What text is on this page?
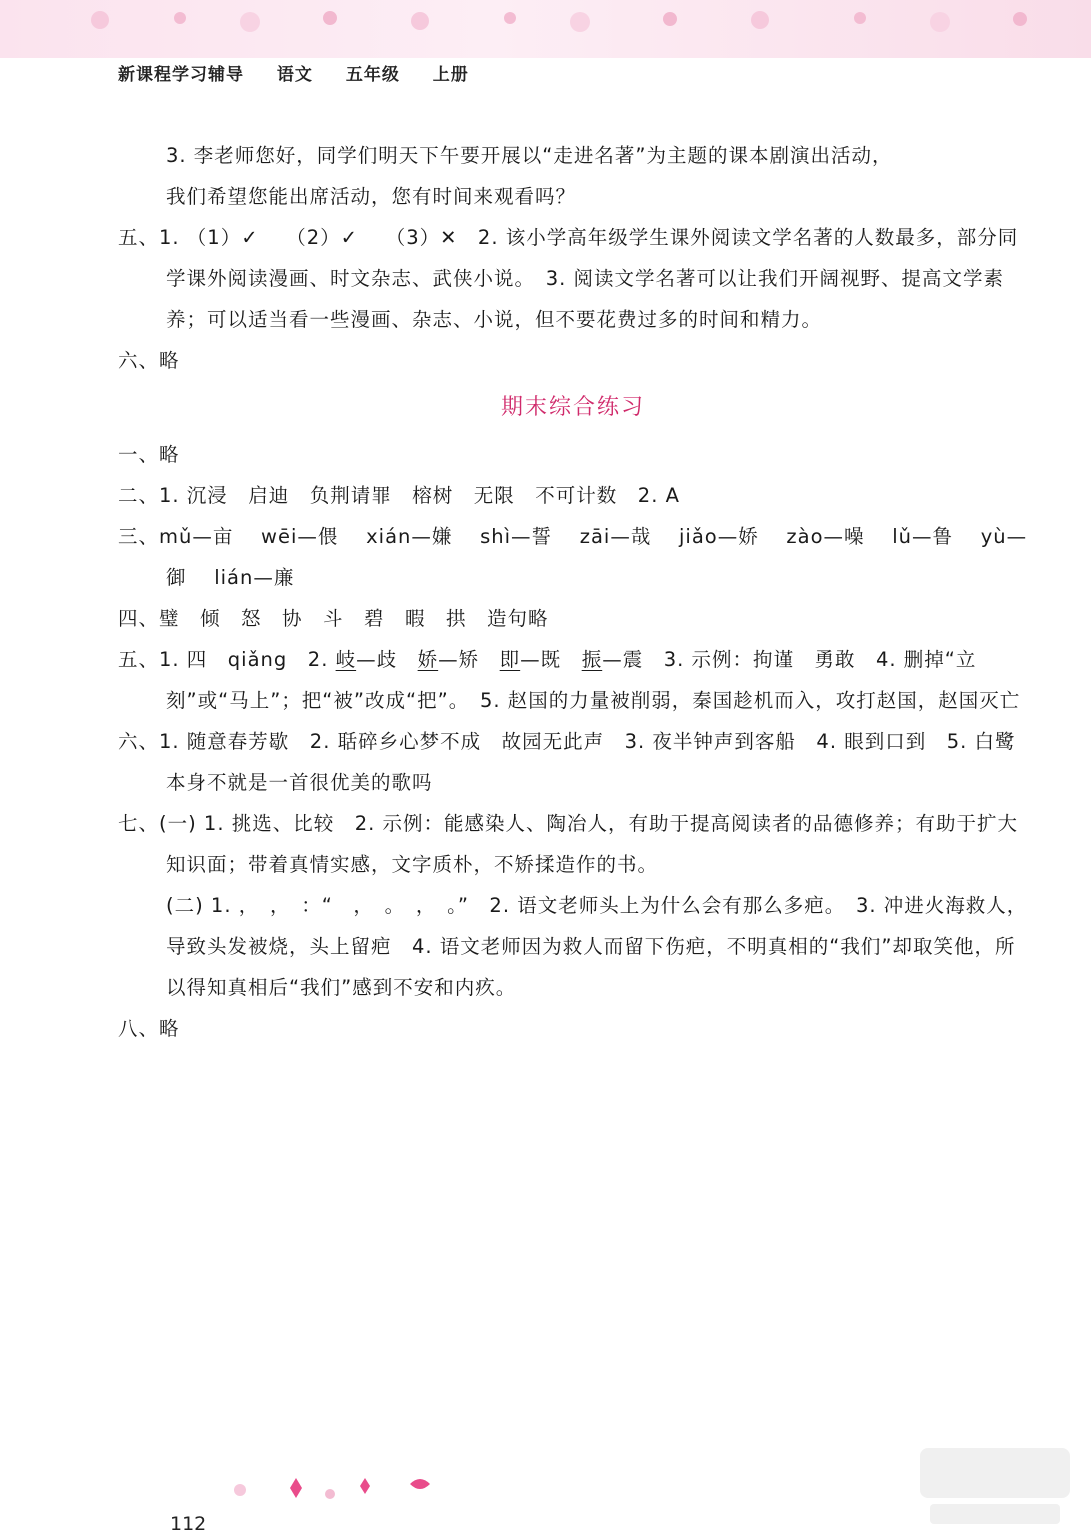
新课程学习辅导 语文 五年级 上册

3. 李老师您好，同学们明天下午要开展以“走进名著”为主题的课本剧演出活动，

我们希望您能出席活动，您有时间来观看吗？

五、1. （1）✓　 （2）✓　 （3）✕　2. 该小学高年级学生课外阅读文学名著的人数最多，部分同学课外阅读漫画、时文杂志、武侠小说。　3. 阅读文学名著可以让我们开阔视野、提高文学素养；可以适当看一些漫画、杂志、小说，但不要花费过多的时间和精力。

六、略

期末综合练习

一、略

二、1. 沉浸　启迪　负荆请罪　榕树　无限　不可计数　2. A

三、mǔ—亩　 wēi—偎　 xián—嫌　 shì—誓　 zāi—哉　 jiǎo—娇　 zào—噪　 lǔ—鲁　 yù—御　 lián—廉

四、璧　倾　怒　协　斗　碧　暇　拱　造句略

五、1. 四　qiǎng　2. 岐—歧　娇—矫　即—既　振—震　3. 示例：拘谨　勇敢　4. 删掉“立刻”或“马上”；把“被”改成“把”。　5. 赵国的力量被削弱，秦国趁机而入，攻打赵国，赵国灭亡

六、1. 随意春芳歇　2. 聒碎乡心梦不成　故园无此声　3. 夜半钟声到客船　4. 眼到口到　5. 白鹭本身不就是一首很优美的歌吗

七、(一) 1. 挑选、比较　2. 示例：能感染人、陶冶人，有助于提高阅读者的品德修养；有助于扩大知识面；带着真情实感，文字质朴，不矫揉造作的书。

(二) 1. ，　，　：“　，　。　，　。”　2. 语文老师头上为什么会有那么多疤。　3. 冲进火海救人，导致头发被烧，头上留疤　4. 语文老师因为救人而留下伤疤，不明真相的“我们”却取笑他，所以得知真相后“我们”感到不安和内疚。

八、略

112
